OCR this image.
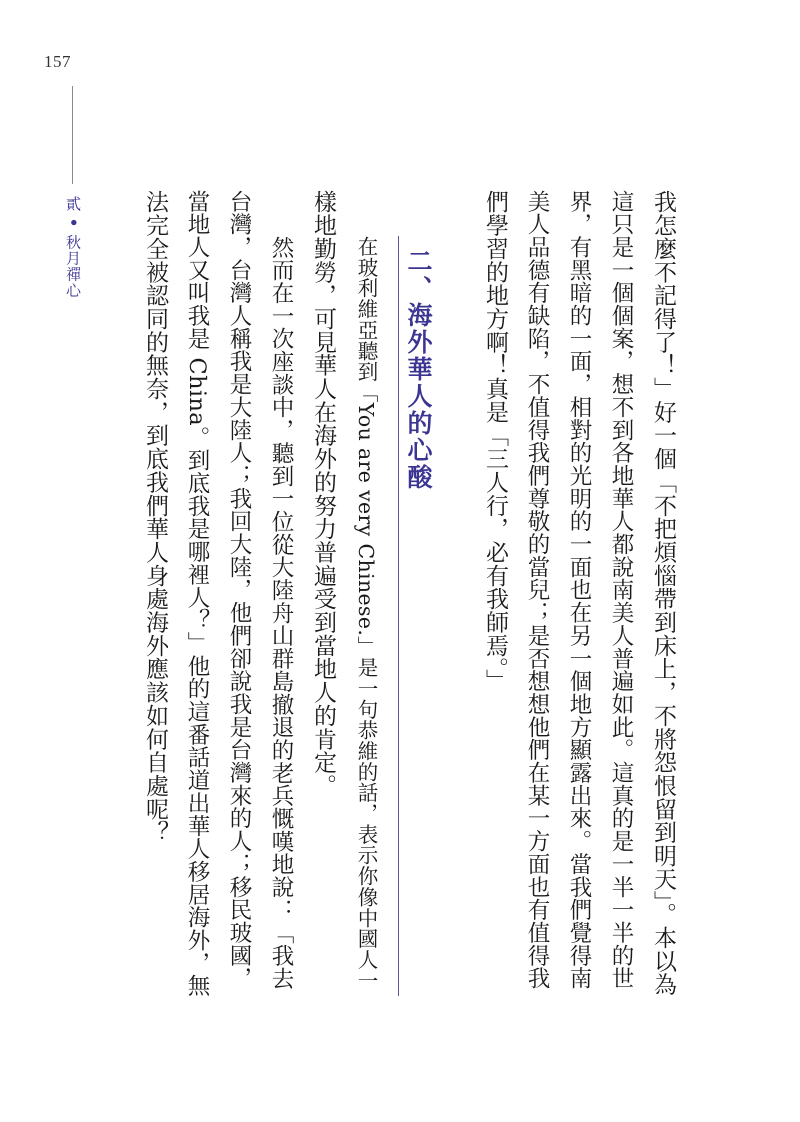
157
貳 • 秋月禪心	我怎麼不記得了！」好一個「不把煩惱帶到床上，不將怨恨留到明天」。本以為
這只是一個個案，想不到各地華人都說南美人普遍如此。這真的是一半一半的世
界，有黑暗的一面，相對的光明的一面也在另一個地方顯露出來。當我們覺得南
美人品德有缺陷，不值得我們尊敬的當兒；是否想想他們在某一方面也有值得我
們學習的地方啊！真是「三人行，必有我師焉。」
二、海外華人的心酸
在玻利維亞聽到「You are very Chinese.」是一句恭維的話，表示你像中國人一
樣地勤勞，可見華人在海外的努力普遍受到當地人的肯定。
然而在一次座談中，聽到一位從大陸舟山群島撤退的老兵慨嘆地說：「我去
台灣，台灣人稱我是大陸人；我回大陸，他們卻說我是台灣來的人；移民玻國，
當地人又叫我是 China。到底我是哪裡人？」他的這番話道出華人移居海外，無
法完全被認同的無奈，到底我們華人身處海外應該如何自處呢？
